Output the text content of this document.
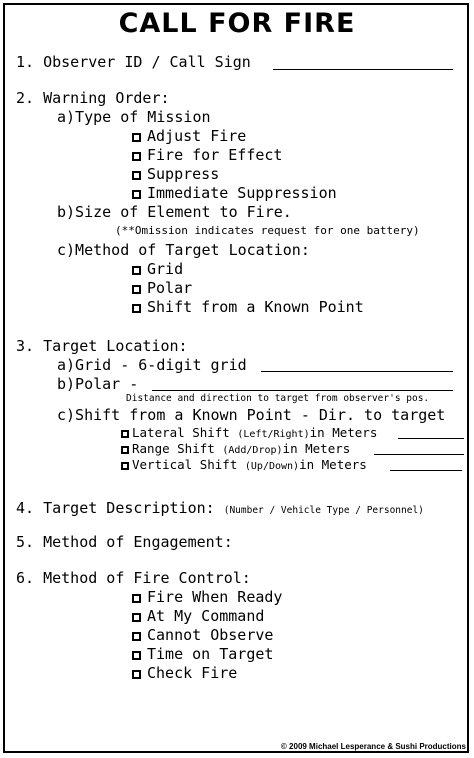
CALL FOR FIRE
1. Observer ID / Call Sign
2. Warning Order:
a)Type of Mission
Adjust Fire
Fire for Effect
Suppress
Immediate Suppression
b)Size of Element to Fire.
(**Omission indicates request for one battery)
c)Method of Target Location:
Grid
Polar
Shift from a Known Point
3. Target Location:
a)Grid - 6-digit grid
b)Polar -
Distance and direction to target from observer's pos.
c)Shift from a Known Point - Dir. to target
Lateral Shift (Left/Right)in Meters
Range Shift (Add/Drop)in Meters
Vertical Shift (Up/Down)in Meters
4. Target Description: (Number / Vehicle Type / Personnel)
5. Method of Engagement:
6. Method of Fire Control:
Fire When Ready
At My Command
Cannot Observe
Time on Target
Check Fire
© 2009 Michael Lesperance & Sushi Productions
